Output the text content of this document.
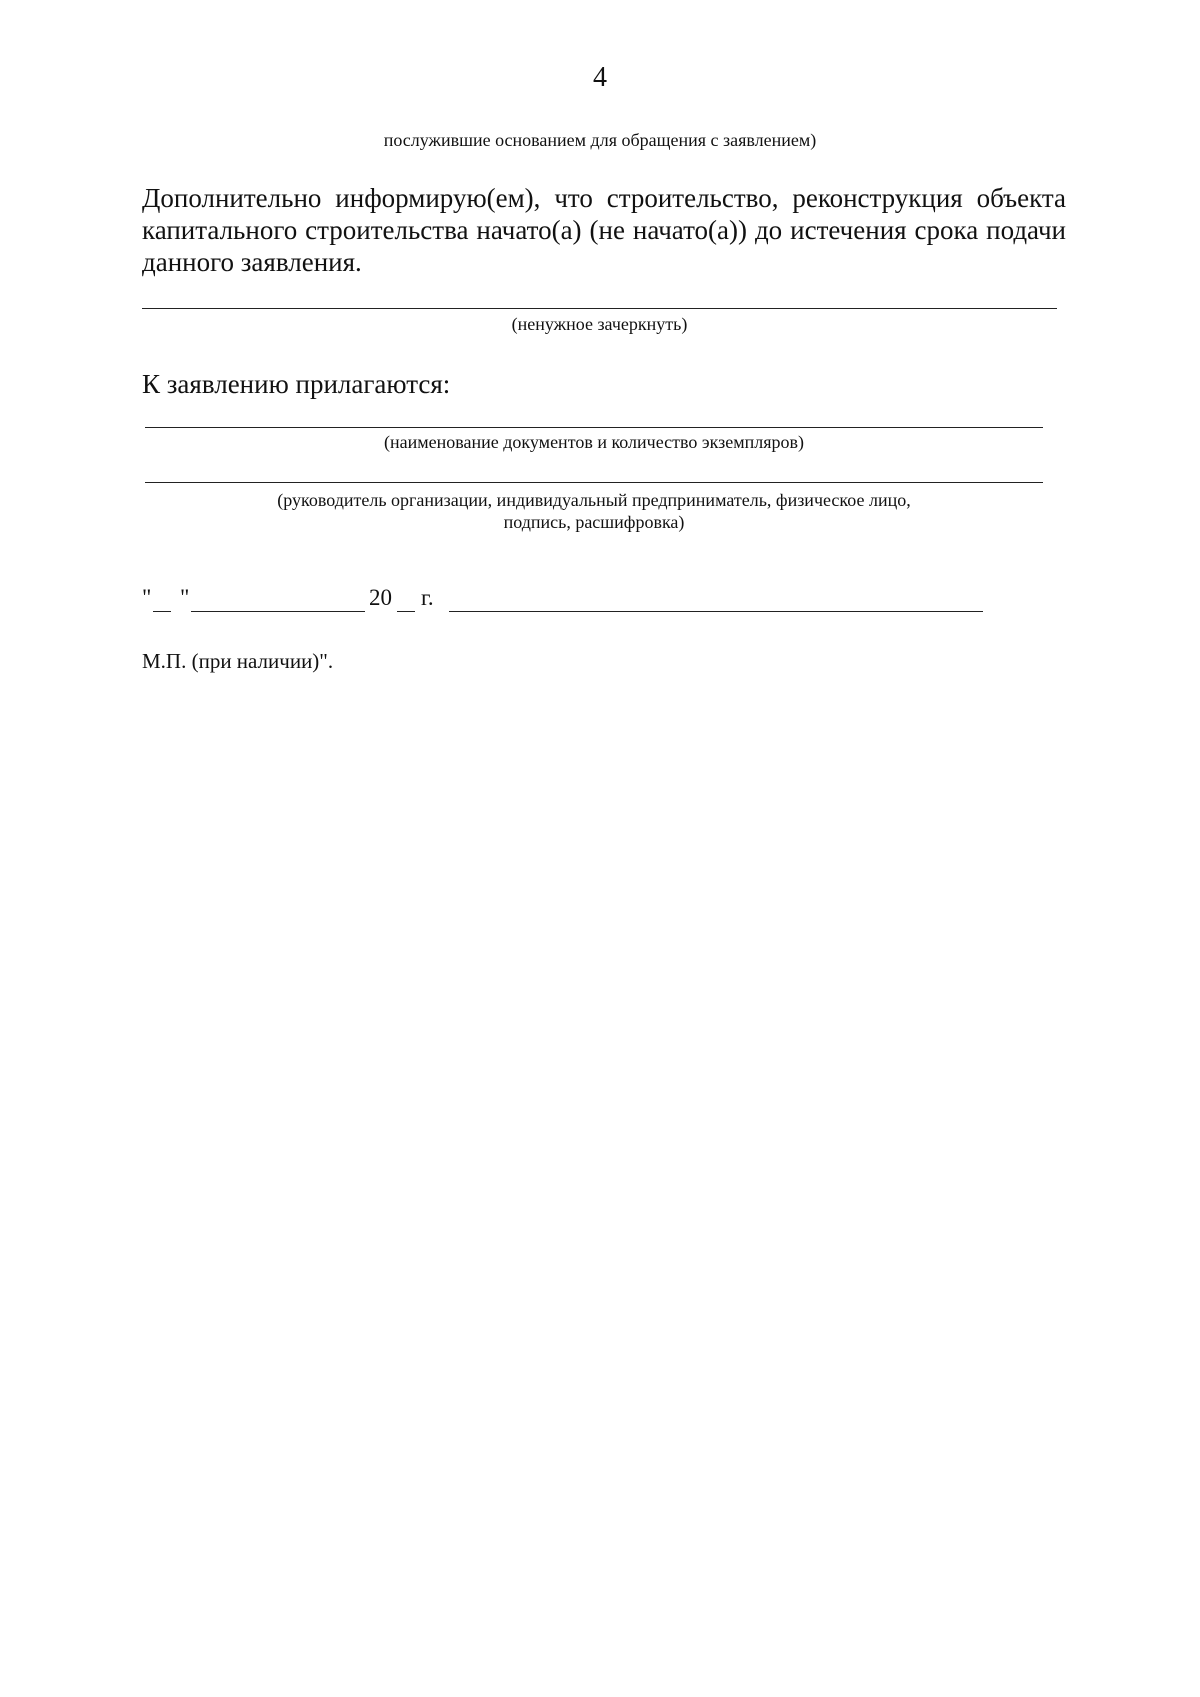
4
послужившие основанием для обращения с заявлением)
Дополнительно информирую(ем), что строительство, реконструкция объекта капитального строительства начато(а) (не начато(а)) до истечения срока подачи данного заявления.
(ненужное зачеркнуть)
К заявлению прилагаются:
(наименование документов и количество экземпляров)
(руководитель организации, индивидуальный предприниматель, физическое лицо,
подпись, расшифровка)
" "	20 г.
М.П. (при наличии)".
